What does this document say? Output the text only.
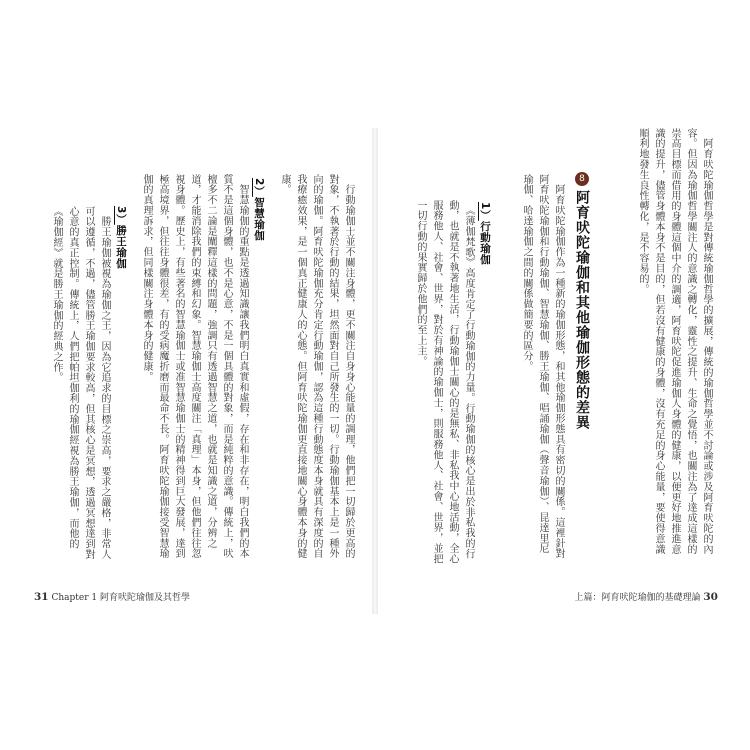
　勝王瑜伽被視為瑜伽之王，因為它追求的目標之崇高，要求之嚴格，非常人可以遵循，不過，儘管勝王瑜伽要求較高，但其核心是冥想，透過冥想達到對心意的真正控制。傳統上，人們把帕坦伽利的瑜伽經視為勝王瑜伽，而他的《瑜伽經》就是勝王瑜伽的經典之作。	3）勝王瑜伽	　智慧瑜伽的重點是透過知識讓我們明白真實和虛假，存在和非存在，明白我們的本質不是這個身體，也不是心意，不是一個具體的對象，而是純粹的意識。傳統上，吠檀多不二論是闡釋這樣的問題，強調只有透過智慧之道，也就是知識之道，分辨之道，才能消除我們的束縛和幻象。智慧瑜伽士高度關注「真理」本身，但他們往往忽視身體。歷史上，有些著名的智慧瑜伽士或准智慧瑜伽士的精神得到巨大發展，達到極高境界，但往往身體很差，有的受病魔折磨而最命不長。阿育吠陀瑜伽接受智慧瑜伽的真理訴求，但同樣關注身體本身的健康。	2）智慧瑜伽	　行動瑜伽士並不關注身體，更不關注自身身心能量的調理，他們把一切歸於更高的對象，不執著於行動的結果，坦然面對自己所發生的一切。行動瑜伽基本上是一種外向的瑜伽。阿育吠陀瑜伽充分肯定行動瑜伽，認為這種行動態度本身就具有深度的自我療癒效果，是一個真正健康人的心態。但阿育吠陀瑜伽更直接地關心身體本身的健康。
31 Chapter 1 阿育吠陀瑜伽及其哲學
　《薄伽梵歌》高度肯定了行動瑜伽的力量。行動瑜伽的核心是出於非私我的行動，也就是不執著地生活，行動瑜伽士關心的是無私、非私我中心地活動，全心服務他人、社會、世界，對於有神論的瑜伽士，則服務他人、社會、世界，並把一切行動的果實歸於他們的至上主。	1）行動瑜伽	　阿育吠陀瑜伽作為一種新的瑜伽形態，和其他瑜伽形態具有密切的關係。這裡針對阿育吠陀瑜伽和行動瑜伽、智慧瑜伽、勝王瑜伽、唱誦瑜伽（聲音瑜伽）、昆達里尼瑜伽、哈達瑜伽之間的關係做簡要的區分。	8阿育吠陀瑜伽和其他瑜伽形態的差異	　阿育吠陀瑜伽哲學是對傳統瑜伽哲學的擴展，傳統的瑜伽哲學並不討論或涉及阿育吠陀的內容。但因為瑜伽哲學關注人的意識之轉化，靈性之提升、生命之覺悟，也關注為了達成這樣的崇高目標而借用的身體這個中介的調適，阿育吠陀促進瑜伽人身體的健康，以便更好地推進意識的提升，儘管身體本身不是目的，但若沒有健康的身體，沒有充足的身心能量，要使得意識順利地發生良性轉化，是不容易的。
上篇：阿育吠陀瑜伽的基礎理論 30
